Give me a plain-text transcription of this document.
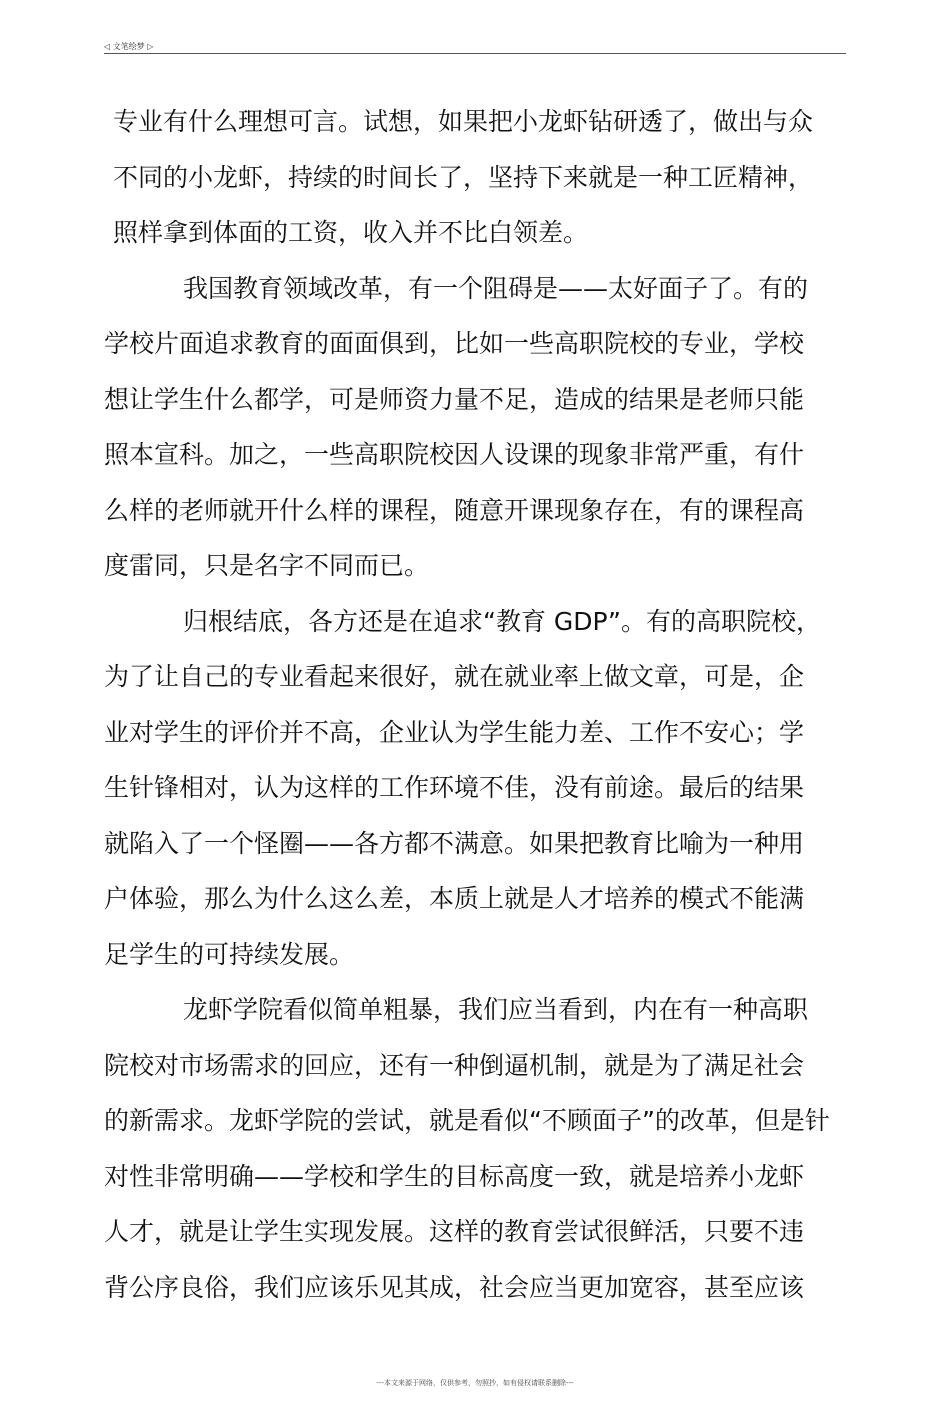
◁ 文笔绘梦 ▷
专业有什么理想可言。试想，如果把小龙虾钻研透了，做出与众
不同的小龙虾，持续的时间长了，坚持下来就是一种工匠精神，
照样拿到体面的工资，收入并不比白领差。
我国教育领域改革，有一个阻碍是——太好面子了。有的
学校片面追求教育的面面俱到，比如一些高职院校的专业，学校
想让学生什么都学，可是师资力量不足，造成的结果是老师只能
照本宣科。加之，一些高职院校因人设课的现象非常严重，有什
么样的老师就开什么样的课程，随意开课现象存在，有的课程高
度雷同，只是名字不同而已。
归根结底，各方还是在追求“教育 GDP”。有的高职院校，
为了让自己的专业看起来很好，就在就业率上做文章，可是，企
业对学生的评价并不高，企业认为学生能力差、工作不安心；学
生针锋相对，认为这样的工作环境不佳，没有前途。最后的结果
就陷入了一个怪圈——各方都不满意。如果把教育比喻为一种用
户体验，那么为什么这么差，本质上就是人才培养的模式不能满
足学生的可持续发展。
龙虾学院看似简单粗暴，我们应当看到，内在有一种高职
院校对市场需求的回应，还有一种倒逼机制，就是为了满足社会
的新需求。龙虾学院的尝试，就是看似“不顾面子”的改革，但是针
对性非常明确——学校和学生的目标高度一致，就是培养小龙虾
人才，就是让学生实现发展。这样的教育尝试很鲜活，只要不违
背公序良俗，我们应该乐见其成，社会应当更加宽容，甚至应该
---本文来源于网络，仅供参考，勿照抄，如有侵权请联系删除---
